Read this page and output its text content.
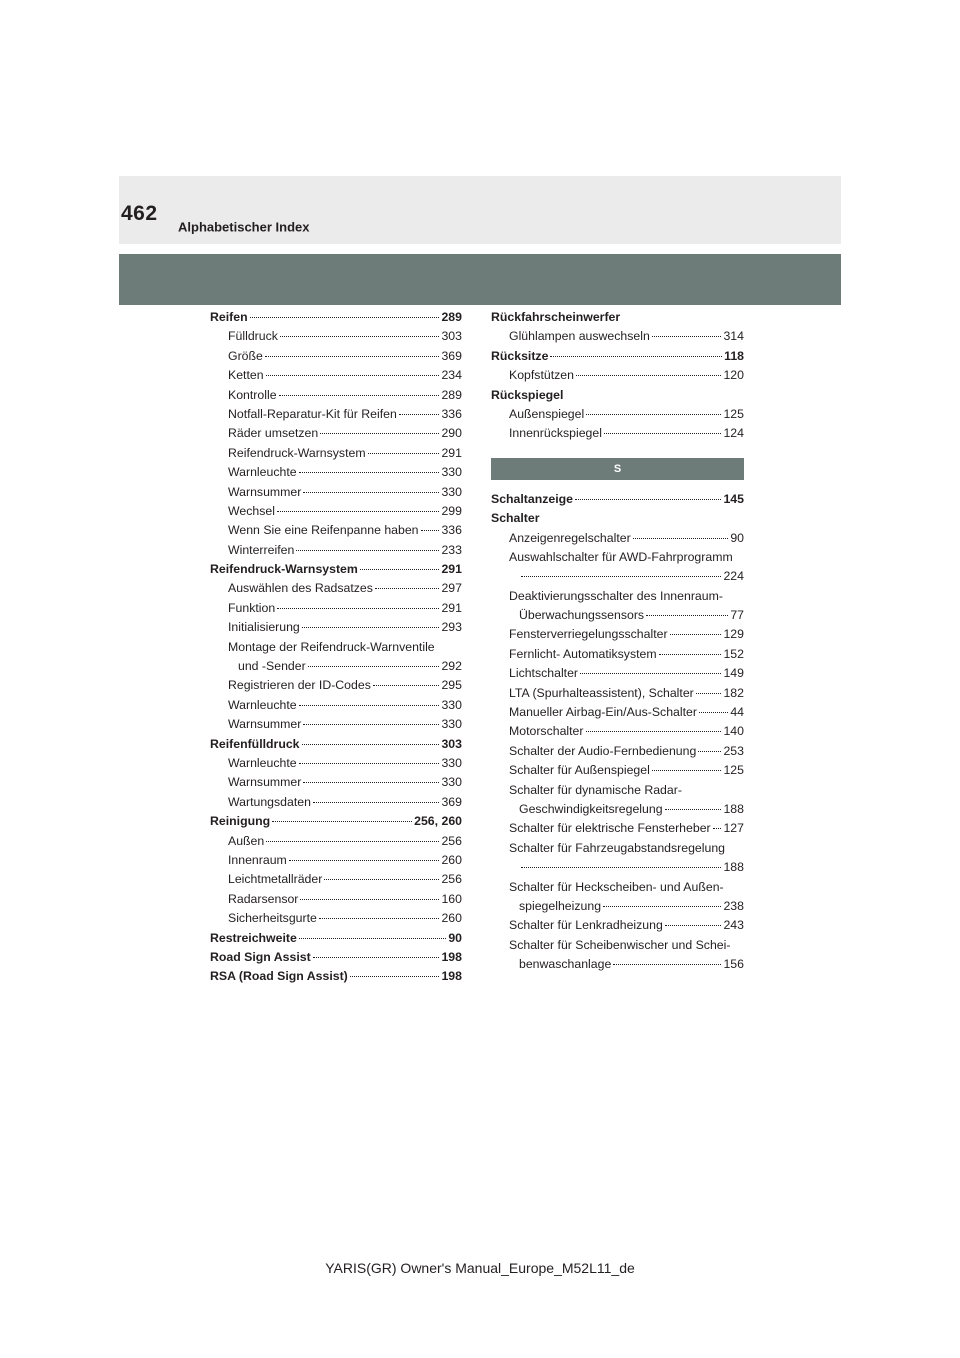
462
Alphabetischer Index
Reifen	289
Fülldruck	303
Größe	369
Ketten	234
Kontrolle	289
Notfall-Reparatur-Kit für Reifen	336
Räder umsetzen	290
Reifendruck-Warnsystem	291
Warnleuchte	330
Warnsummer	330
Wechsel	299
Wenn Sie eine Reifenpanne haben 336
Winterreifen	233
Reifendruck-Warnsystem	291
Auswählen des Radsatzes	297
Funktion	291
Initialisierung	293
Montage der Reifendruck-Warnventile
und -Sender	292
Registrieren der ID-Codes	295
Warnleuchte	330
Warnsummer	330
Reifenfülldruck	303
Warnleuchte	330
Warnsummer	330
Wartungsdaten	369
Reinigung	256, 260
Außen	256
Innenraum	260
Leichtmetallräder	256
Radarsensor	160
Sicherheitsgurte	260
Restreichweite	90
Road Sign Assist	198
RSA (Road Sign Assist)	198
Rückfahrscheinwerfer
Glühlampen auswechseln	314
Rücksitze	118
Kopfstützen	120
Rückspiegel
Außenspiegel	125
Innenrückspiegel	124
S
Schaltanzeige	145
Schalter
Anzeigenregelschalter	90
Auswahlschalter für AWD-Fahrprogramm
224
Deaktivierungsschalter des Innenraum-
Überwachungssensors	77
Fensterverriegelungsschalter	129
Fernlicht- Automatiksystem	152
Lichtschalter	149
LTA (Spurhalteassistent), Schalter 182
Manueller Airbag-Ein/Aus-Schalter	44
Motorschalter	140
Schalter der Audio-Fernbedienung 253
Schalter für Außenspiegel	125
Schalter für dynamische Radar-
Geschwindigkeitsregelung	188
Schalter für elektrische Fensterheber 127
Schalter für Fahrzeugabstandsregelung
188
Schalter für Heckscheiben- und Außen-
spiegelheizung	238
Schalter für Lenkradheizung	243
Schalter für Scheibenwischer und Schei-
benwaschanlage	156
YARIS(GR) Owner's Manual_Europe_M52L11_de
